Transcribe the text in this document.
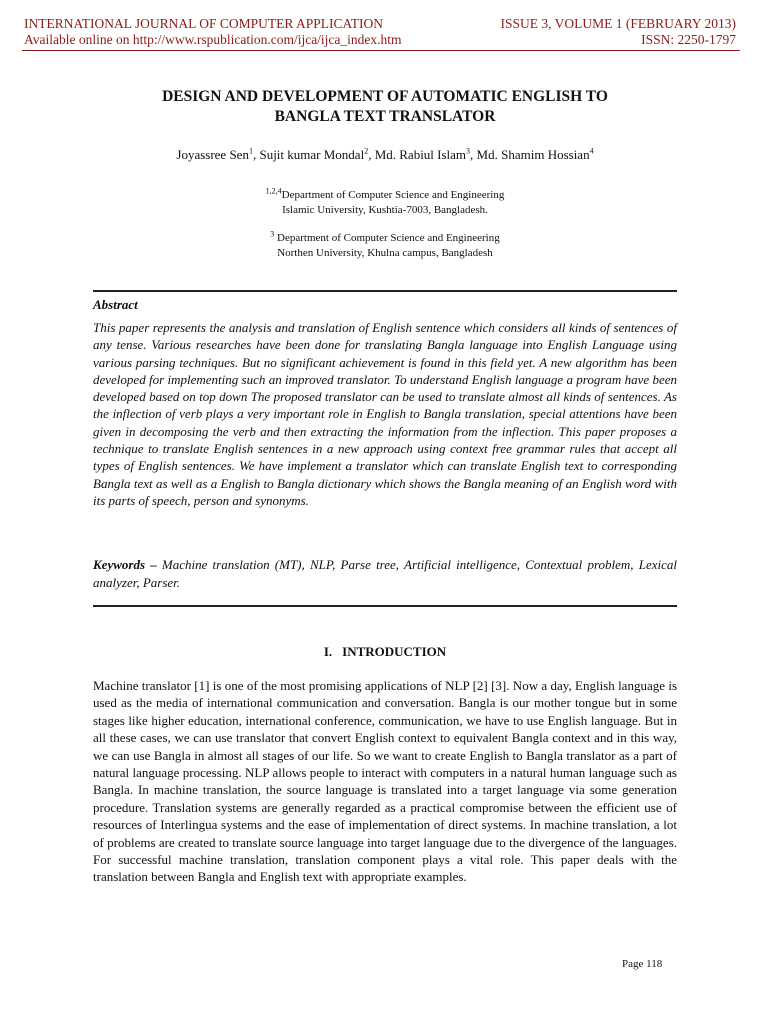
INTERNATIONAL JOURNAL OF COMPUTER APPLICATION	ISSUE 3, VOLUME 1 (FEBRUARY 2013)
Available online on http://www.rspublication.com/ijca/ijca_index.htm	ISSN: 2250-1797
DESIGN AND DEVELOPMENT OF AUTOMATIC ENGLISH TO
BANGLA TEXT TRANSLATOR
Joyassree Sen$^1$, Sujit kumar Mondal$^2$, Md. Rabiul Islam$^3$, Md. Shamim Hossian$^4$
$^{1,2,4}$Department of Computer Science and Engineering
Islamic University, Kushtia-7003, Bangladesh.
$^3$ Department of Computer Science and Engineering
Northen University, Khulna campus, Bangladesh
Abstract
This paper represents the analysis and translation of English sentence which considers all kinds of sentences of any tense. Various researches have been done for translating Bangla language into English Language using various parsing techniques. But no significant achievement is found in this field yet. A new algorithm has been developed for implementing such an improved translator. To understand English language a program have been developed based on top down The proposed translator can be used to translate almost all kinds of sentences. As the inflection of verb plays a very important role in English to Bangla translation, special attentions have been given in decomposing the verb and then extracting the information from the inflection. This paper proposes a technique to translate English sentences in a new approach using context free grammar rules that accept all types of English sentences. We have implement a translator which can translate English text to corresponding Bangla text as well as a English to Bangla dictionary which shows the Bangla meaning of an English word with its parts of speech, person and synonyms.
Keywords – Machine translation (MT), NLP, Parse tree, Artificial intelligence, Contextual problem, Lexical analyzer, Parser.
I. INTRODUCTION
Machine translator [1] is one of the most promising applications of NLP [2] [3]. Now a day, English language is used as the media of international communication and conversation. Bangla is our mother tongue but in some stages like higher education, international conference, communication, we have to use English language. But in all these cases, we can use translator that convert English context to equivalent Bangla context and in this way, we can use Bangla in almost all stages of our life. So we want to create English to Bangla translator as a part of natural language processing. NLP allows people to interact with computers in a natural human language such as Bangla. In machine translation, the source language is translated into a target language via some generation procedure. Translation systems are generally regarded as a practical compromise between the efficient use of resources of Interlingua systems and the ease of implementation of direct systems. In machine translation, a lot of problems are created to translate source language into target language due to the divergence of the languages. For successful machine translation, translation component plays a vital role. This paper deals with the translation between Bangla and English text with appropriate examples.
Page 118
